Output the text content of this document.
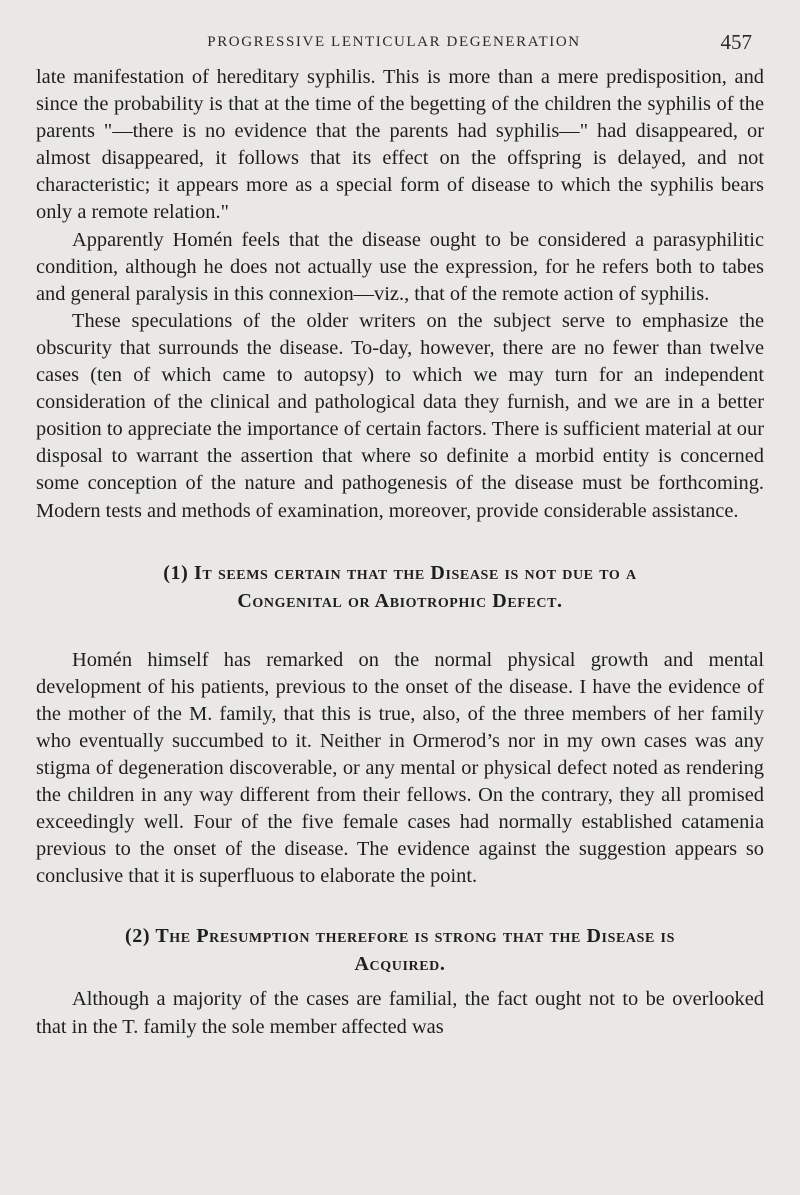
PROGRESSIVE LENTICULAR DEGENERATION	457

late manifestation of hereditary syphilis. This is more than a mere predisposition, and since the probability is that at the time of the begetting of the children the syphilis of the parents "—there is no evidence that the parents had syphilis—" had disappeared, or almost disappeared, it follows that its effect on the offspring is delayed, and not characteristic; it appears more as a special form of disease to which the syphilis bears only a remote relation."

Apparently Homén feels that the disease ought to be considered a parasyphilitic condition, although he does not actually use the expression, for he refers both to tabes and general paralysis in this connexion—viz., that of the remote action of syphilis.

These speculations of the older writers on the subject serve to emphasize the obscurity that surrounds the disease. To-day, however, there are no fewer than twelve cases (ten of which came to autopsy) to which we may turn for an independent consideration of the clinical and pathological data they furnish, and we are in a better position to appreciate the importance of certain factors. There is sufficient material at our disposal to warrant the assertion that where so definite a morbid entity is concerned some conception of the nature and pathogenesis of the disease must be forthcoming. Modern tests and methods of examination, moreover, provide considerable assistance.

(1) It seems certain that the Disease is not due to a
Congenital or Abiotrophic Defect.

Homén himself has remarked on the normal physical growth and mental development of his patients, previous to the onset of the disease. I have the evidence of the mother of the M. family, that this is true, also, of the three members of her family who eventually succumbed to it. Neither in Ormerod’s nor in my own cases was any stigma of degeneration discoverable, or any mental or physical defect noted as rendering the children in any way different from their fellows. On the contrary, they all promised exceedingly well. Four of the five female cases had normally established catamenia previous to the onset of the disease. The evidence against the suggestion appears so conclusive that it is superfluous to elaborate the point.

(2) The Presumption therefore is strong that the Disease is
Acquired.

Although a majority of the cases are familial, the fact ought not to be overlooked that in the T. family the sole member affected was
